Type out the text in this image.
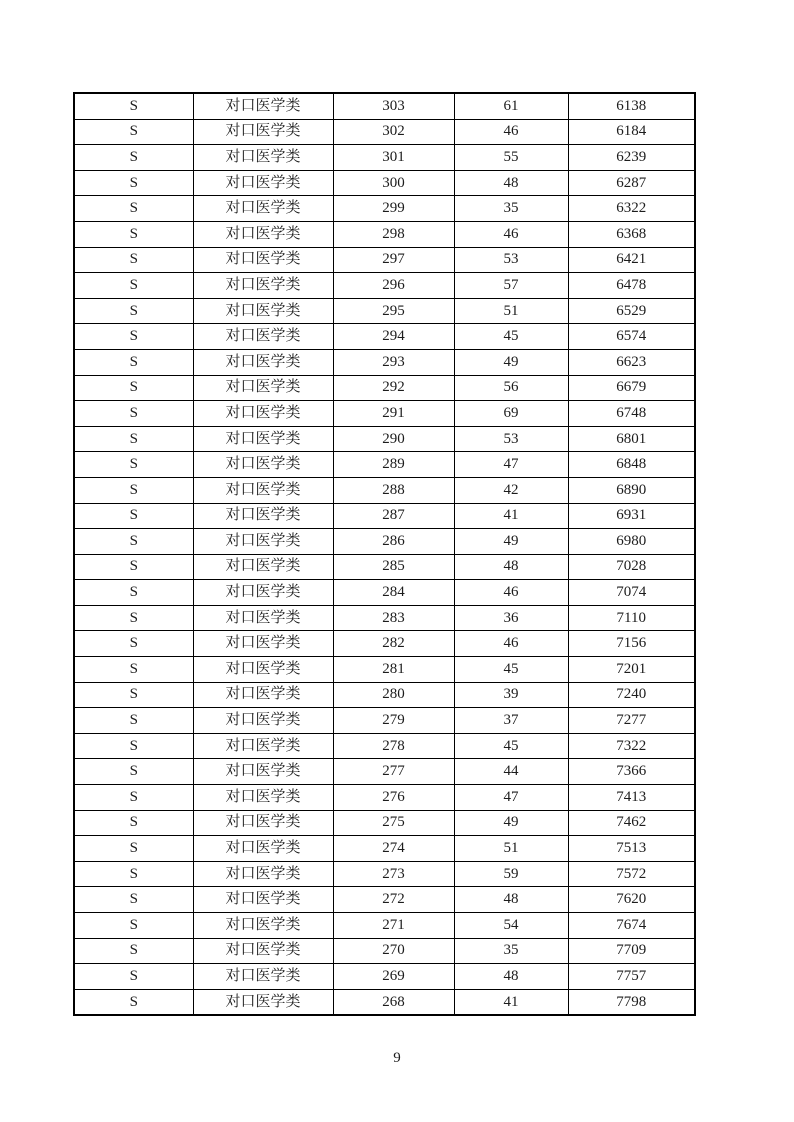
S	对口医学类	303	61	6138
S	对口医学类	302	46	6184
S	对口医学类	301	55	6239
S	对口医学类	300	48	6287
S	对口医学类	299	35	6322
S	对口医学类	298	46	6368
S	对口医学类	297	53	6421
S	对口医学类	296	57	6478
S	对口医学类	295	51	6529
S	对口医学类	294	45	6574
S	对口医学类	293	49	6623
S	对口医学类	292	56	6679
S	对口医学类	291	69	6748
S	对口医学类	290	53	6801
S	对口医学类	289	47	6848
S	对口医学类	288	42	6890
S	对口医学类	287	41	6931
S	对口医学类	286	49	6980
S	对口医学类	285	48	7028
S	对口医学类	284	46	7074
S	对口医学类	283	36	7110
S	对口医学类	282	46	7156
S	对口医学类	281	45	7201
S	对口医学类	280	39	7240
S	对口医学类	279	37	7277
S	对口医学类	278	45	7322
S	对口医学类	277	44	7366
S	对口医学类	276	47	7413
S	对口医学类	275	49	7462
S	对口医学类	274	51	7513
S	对口医学类	273	59	7572
S	对口医学类	272	48	7620
S	对口医学类	271	54	7674
S	对口医学类	270	35	7709
S	对口医学类	269	48	7757
S	对口医学类	268	41	7798
9
